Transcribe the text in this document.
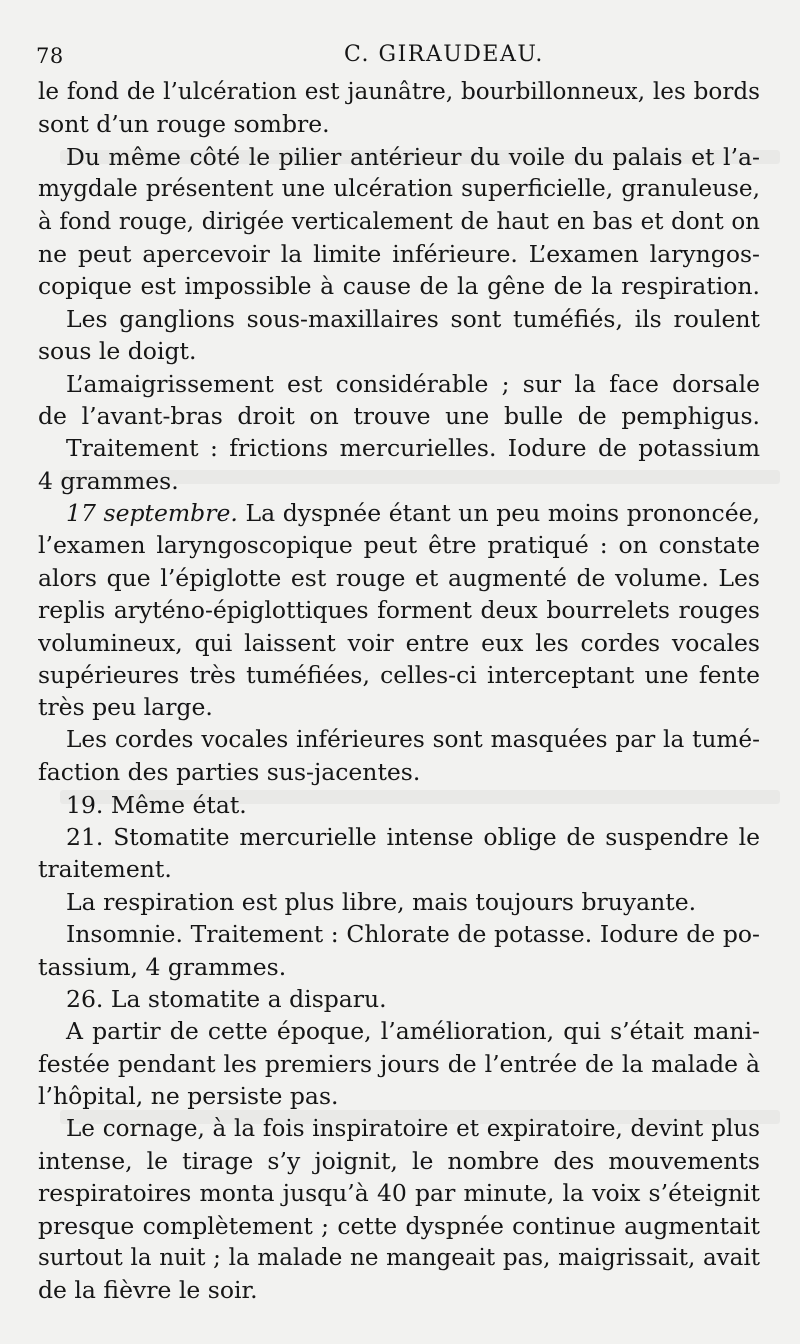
78	C. GIRAUDEAU.
le fond de l’ulcération est jaunâtre, bourbillonneux, les bords
sont d’un rouge sombre.
Du même côté le pilier antérieur du voile du palais et l’a-
mygdale présentent une ulcération superficielle, granuleuse,
à fond rouge, dirigée verticalement de haut en bas et dont on
ne peut apercevoir la limite inférieure. L’examen laryngos-
copique est impossible à cause de la gêne de la respiration.
Les ganglions sous-maxillaires sont tuméfiés, ils roulent
sous le doigt.
L’amaigrissement est considérable ; sur la face dorsale
de l’avant-bras droit on trouve une bulle de pemphigus.
Traitement : frictions mercurielles. Iodure de potassium
4 grammes.
17 septembre. La dyspnée étant un peu moins prononcée,
l’examen laryngoscopique peut être pratiqué : on constate
alors que l’épiglotte est rouge et augmenté de volume. Les
replis aryténo-épiglottiques forment deux bourrelets rouges
volumineux, qui laissent voir entre eux les cordes vocales
supérieures très tuméfiées, celles-ci interceptant une fente
très peu large.
Les cordes vocales inférieures sont masquées par la tumé-
faction des parties sus-jacentes.
19. Même état.
21. Stomatite mercurielle intense oblige de suspendre le
traitement.
La respiration est plus libre, mais toujours bruyante.
Insomnie. Traitement : Chlorate de potasse. Iodure de po-
tassium, 4 grammes.
26. La stomatite a disparu.
A partir de cette époque, l’amélioration, qui s’était mani-
festée pendant les premiers jours de l’entrée de la malade à
l’hôpital, ne persiste pas.
Le cornage, à la fois inspiratoire et expiratoire, devint plus
intense, le tirage s’y joignit, le nombre des mouvements
respiratoires monta jusqu’à 40 par minute, la voix s’éteignit
presque complètement ; cette dyspnée continue augmentait
surtout la nuit ; la malade ne mangeait pas, maigrissait, avait
de la fièvre le soir.
